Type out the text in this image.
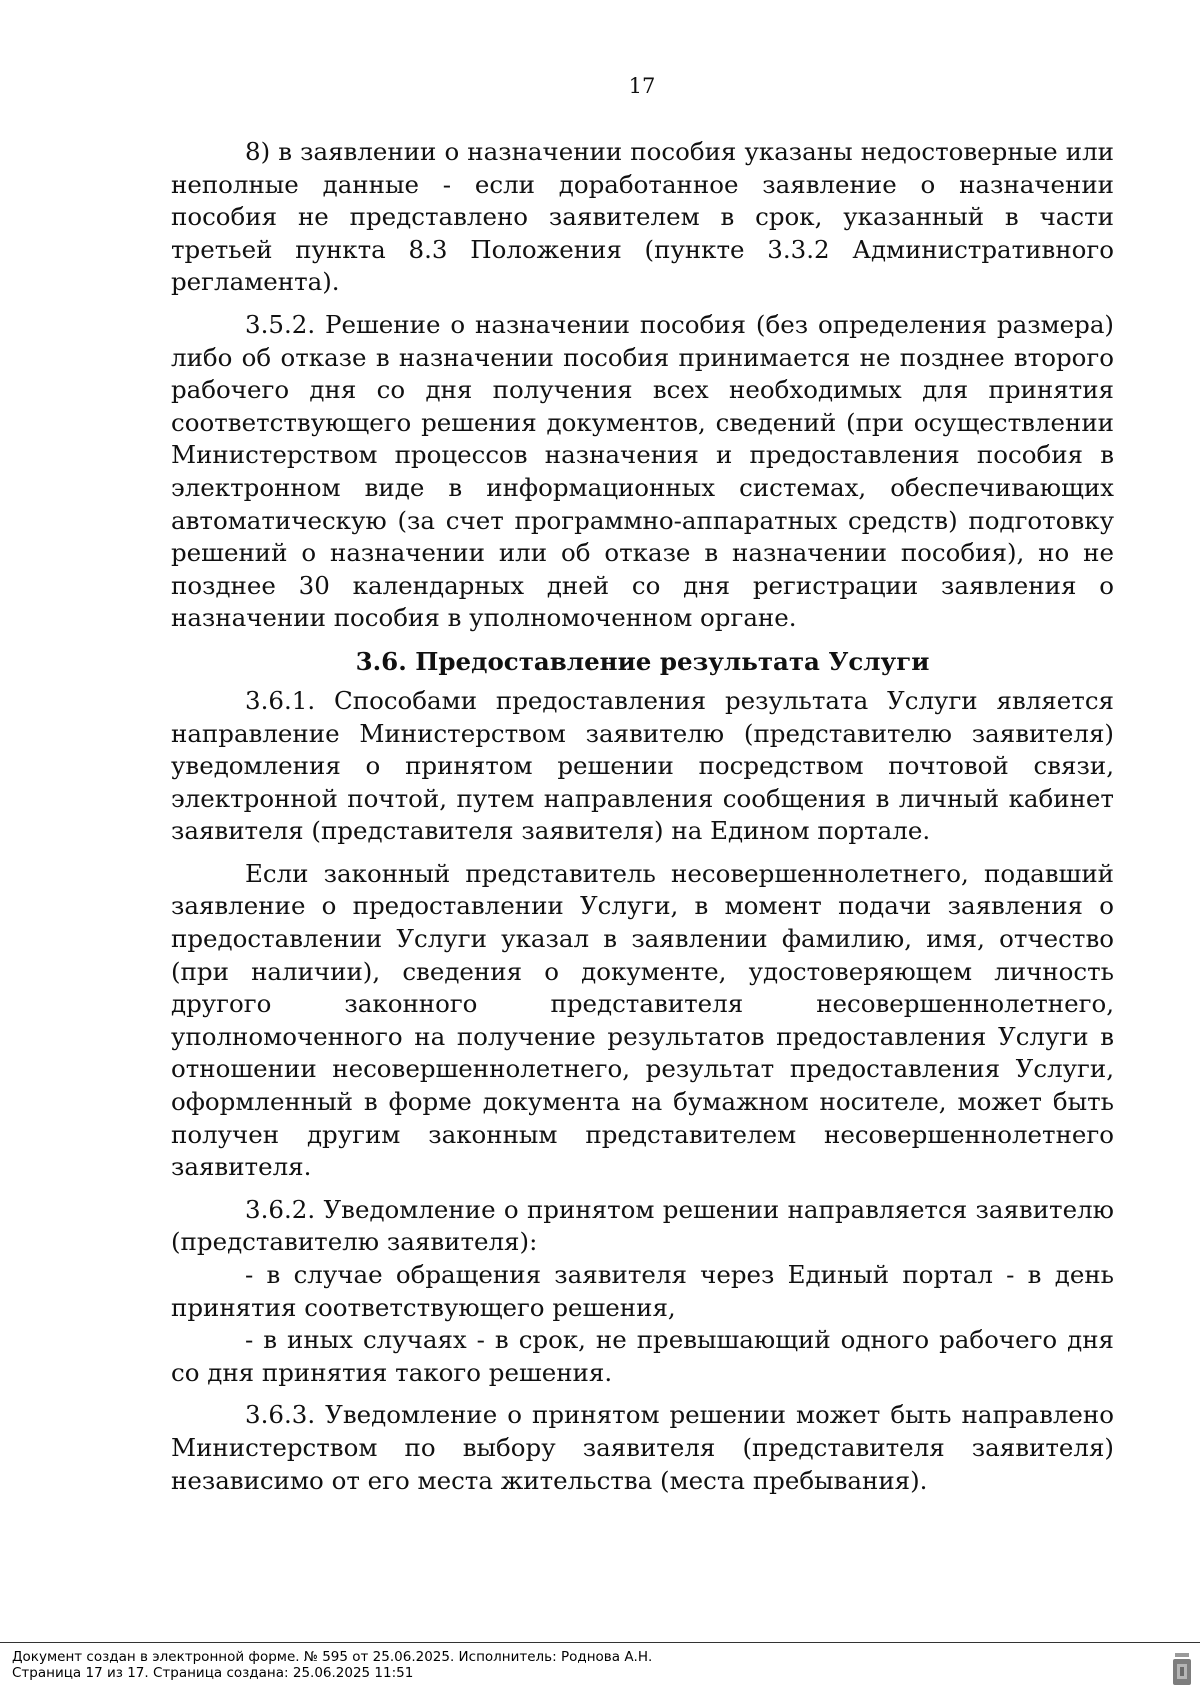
17

8) в заявлении о назначении пособия указаны недостоверные или неполные данные - если доработанное заявление о назначении пособия не представлено заявителем в срок, указанный в части третьей пункта 8.3 Положения (пункте 3.3.2 Административного регламента).

3.5.2. Решение о назначении пособия (без определения размера) либо об отказе в назначении пособия принимается не позднее второго рабочего дня со дня получения всех необходимых для принятия соответствующего решения документов, сведений (при осуществлении Министерством процессов назначения и предоставления пособия в электронном виде в информационных системах, обеспечивающих автоматическую (за счет программно-аппаратных средств) подготовку решений о назначении или об отказе в назначении пособия), но не позднее 30 календарных дней со дня регистрации заявления о назначении пособия в уполномоченном органе.

3.6. Предоставление результата Услуги

3.6.1. Способами предоставления результата Услуги является направление Министерством заявителю (представителю заявителя) уведомления о принятом решении посредством почтовой связи, электронной почтой, путем направления сообщения в личный кабинет заявителя (представителя заявителя) на Едином портале.

Если законный представитель несовершеннолетнего, подавший заявление о предоставлении Услуги, в момент подачи заявления о предоставлении Услуги указал в заявлении фамилию, имя, отчество (при наличии), сведения о документе, удостоверяющем личность другого законного представителя несовершеннолетнего, уполномоченного на получение результатов предоставления Услуги в отношении несовершеннолетнего, результат предоставления Услуги, оформленный в форме документа на бумажном носителе, может быть получен другим законным представителем несовершеннолетнего заявителя.

3.6.2. Уведомление о принятом решении направляется заявителю (представителю заявителя):

- в случае обращения заявителя через Единый портал - в день принятия соответствующего решения,

- в иных случаях - в срок, не превышающий одного рабочего дня со дня принятия такого решения.

3.6.3. Уведомление о принятом решении может быть направлено Министерством по выбору заявителя (представителя заявителя) независимо от его места жительства (места пребывания).

Документ создан в электронной форме. № 595 от 25.06.2025. Исполнитель: Роднова А.Н.
Страница 17 из 17. Страница создана: 25.06.2025 11:51
